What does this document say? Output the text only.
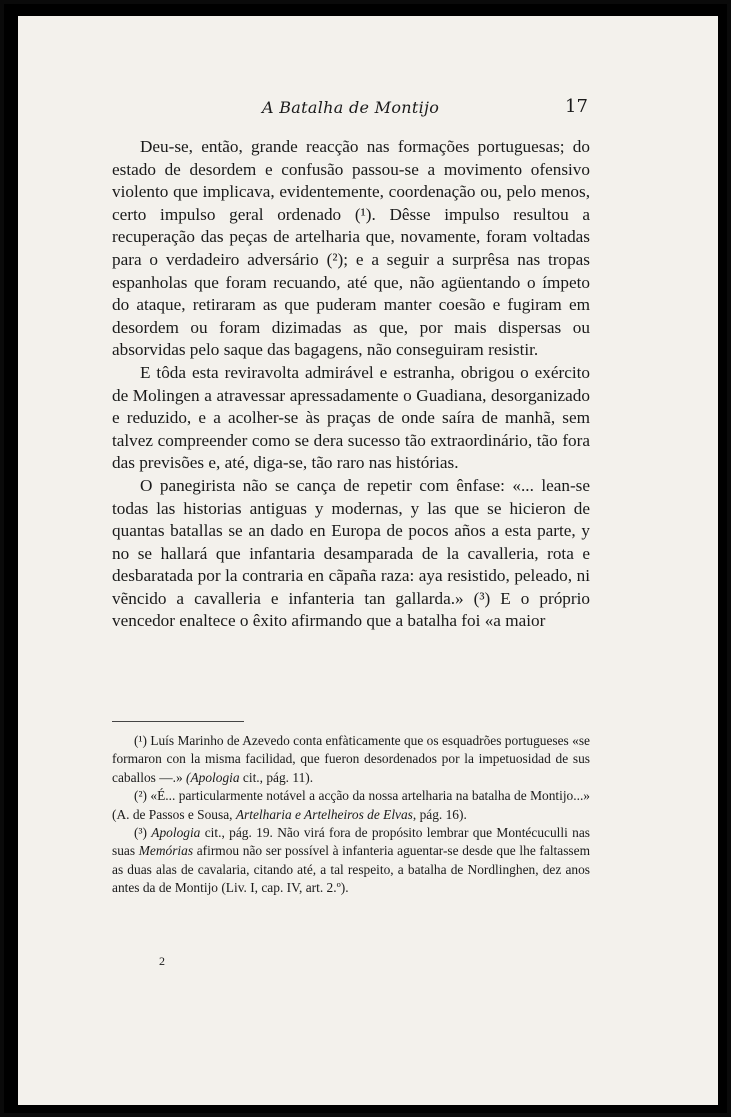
A Batalha de Montijo	17

Deu-se, então, grande reacção nas formações portuguesas; do estado de desordem e confusão passou-se a movimento ofensivo violento que implicava, evidentemente, coordenação ou, pelo menos, certo impulso geral ordenado (¹). Dêsse impulso resultou a recuperação das peças de artelharia que, novamente, foram voltadas para o verdadeiro adversário (²); e a seguir a surprêsa nas tropas espanholas que foram recuando, até que, não agüentando o ímpeto do ataque, retiraram as que puderam manter coesão e fugiram em desordem ou foram dizimadas as que, por mais dispersas ou absorvidas pelo saque das bagagens, não conseguiram resistir.

E tôda esta reviravolta admirável e estranha, obrigou o exército de Molingen a atravessar apressadamente o Guadiana, desorganizado e reduzido, e a acolher-se às praças de onde saíra de manhã, sem talvez compreender como se dera sucesso tão extraordinário, tão fora das previsões e, até, diga-se, tão raro nas histórias.

O panegirista não se cança de repetir com ênfase: «... lean-se todas las historias antiguas y modernas, y las que se hicieron de quantas batallas se an dado en Europa de pocos años a esta parte, y no se hallará que infantaria desamparada de la cavalleria, rota e desbaratada por la contraria en cãpaña raza: aya resistido, peleado, ni vẽncido a cavalleria e infanteria tan gallarda.» (³) E o próprio vencedor enaltece o êxito afirmando que a batalha foi «a maior

(¹) Luís Marinho de Azevedo conta enfàticamente que os esquadrões portugueses «se formaron con la misma facilidad, que fueron desordenados por la impetuosidad de sus caballos —.» (Apologia cit., pág. 11).

(²) «É... particularmente notável a acção da nossa artelharia na batalha de Montijo...» (A. de Passos e Sousa, Artelharia e Artelheiros de Elvas, pág. 16).

(³) Apologia cit., pág. 19. Não virá fora de propósito lembrar que Montécuculli nas suas Memórias afirmou não ser possível à infanteria aguentar-se desde que lhe faltassem as duas alas de cavalaria, citando até, a tal respeito, a batalha de Nordlinghen, dez anos antes da de Montijo (Liv. I, cap. IV, art. 2.º).

2
